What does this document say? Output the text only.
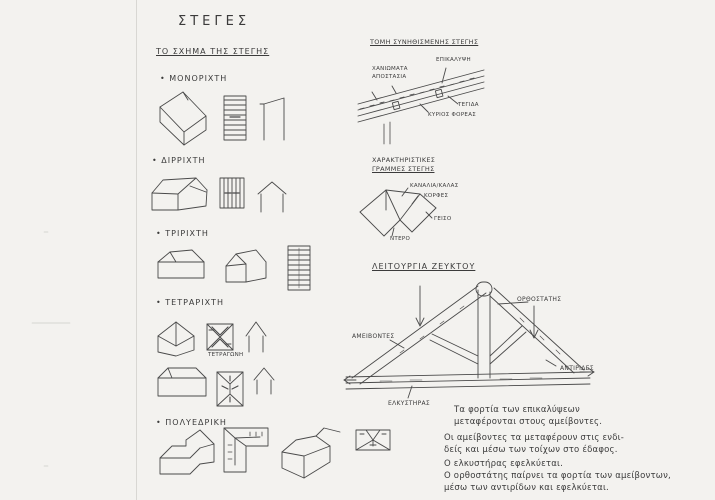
ΣΤΕΓΕΣ
ΤΟ ΣΧΗΜΑ ΤΗΣ ΣΤΕΓΗΣ
• ΜΟΝΟΡΙΧΤΗ
• ΔΙΡΡΙΧΤΗ
• ΤΡΙΡΙΧΤΗ
• ΤΕΤΡΑΡΙΧΤΗ
ΤΕΤΡΑΓΩΝΗ
• ΠΟΛΥΕΔΡΙΚΗ
ΤΟΜΗ ΣΥΝΗΘΙΣΜΕΝΗΣ ΣΤΕΓΗΣ
ΧΑΡΑΚΤΗΡΙΣΤΙΚΕΣ
ΓΡΑΜΜΕΣ ΣΤΕΓΗΣ
ΛΕΙΤΟΥΡΓΙΑ ΖΕΥΚΤΟΥ
ΕΠΙΚΑΛΥΨΗ
ΧΑΝΙΩΜΑΤΑ
ΑΠΟΣΤΑΣΙΑ
ΤΕΓΙΔΑ
ΚΥΡΙΟΣ ΦΟΡΕΑΣ
ΚΑΝΑΛΙΑ/ΚΑΛΑΣ
ΚΟΡΦΕΣ
ΓΕΙΣΟ
ΝΤΕΡΟ
ΑΜΕΙΒΟΝΤΕΣ
ΟΡΘΟΣΤΑΤΗΣ
ΑΝΤΙΡΙΔΕΣ
ΕΛΚΥΣΤΗΡΑΣ
Τα φορτία των επικαλύψεων
μεταφέρονται στους αμείβοντες.
Οι αμείβοντες τα μεταφέρουν στις ενδι-
δείς και μέσω των τοίχων στο έδαφος.
Ο ελκυστήρας εφελκύεται.
Ο ορθοστάτης παίρνει τα φορτία των αμείβοντων,
μέσω των αντιρίδων και εφελκύεται.
